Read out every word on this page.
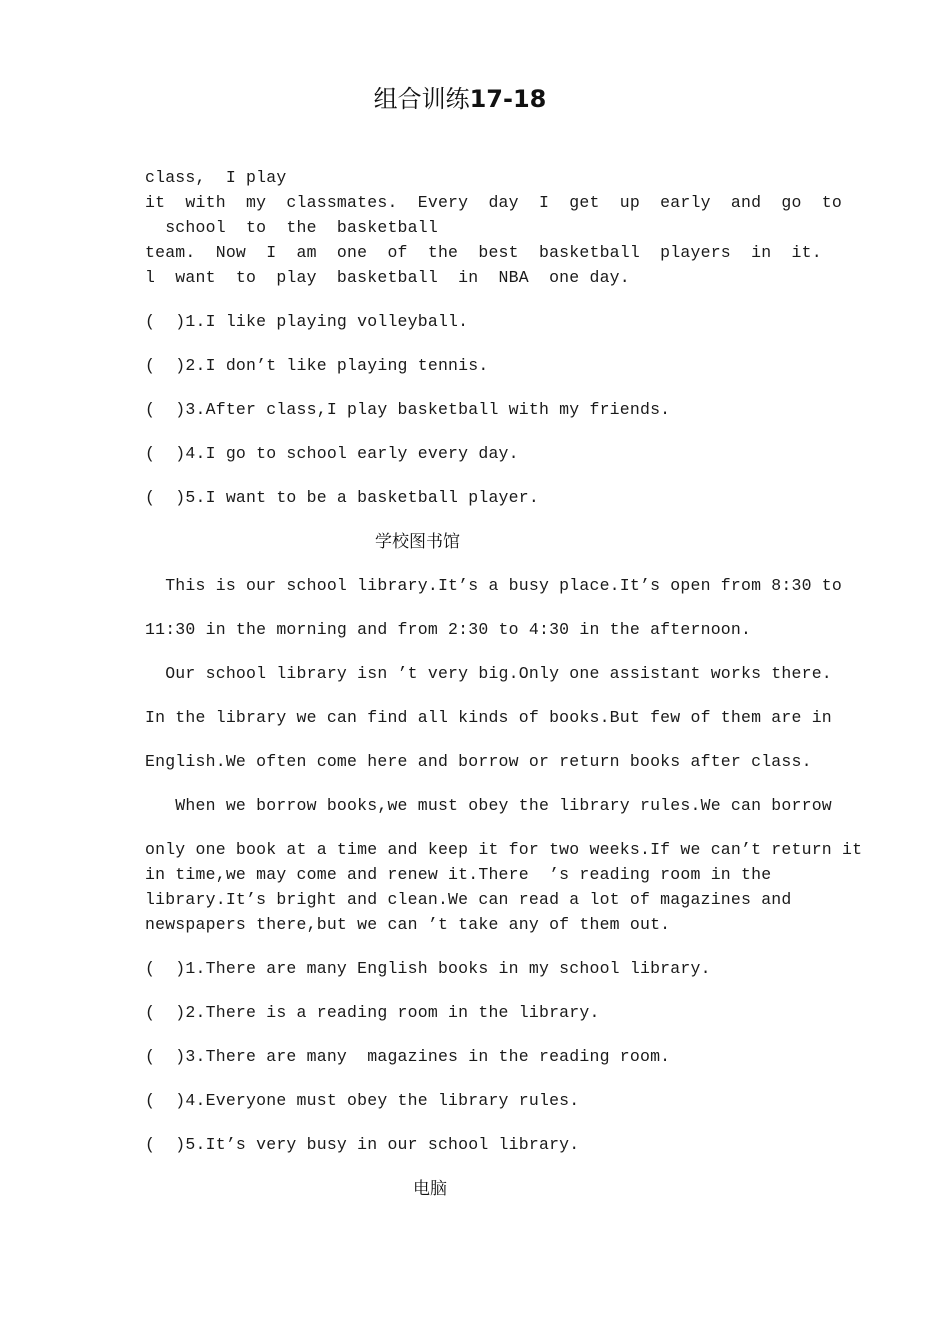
组合训练17-18
class,  I play
it  with  my  classmates.  Every  day  I  get  up  early  and  go  to
school  to  the  basketball
team.  Now  I  am  one  of  the  best  basketball  players  in  it.
l  want  to  play  basketball  in  NBA  one day.
(  )1.I like playing volleyball.
(  )2.I don’t like playing tennis.
(  )3.After class,I play basketball with my friends.
(  )4.I go to school early every day.
(  )5.I want to be a basketball player.
学校图书馆
This is our school library.It’s a busy place.It’s open from 8:30 to
11:30 in the morning and from 2:30 to 4:30 in the afternoon.
Our school library isn ’t very big.Only one assistant works there.
In the library we can find all kinds of books.But few of them are in
English.We often come here and borrow or return books after class.
When we borrow books,we must obey the library rules.We can borrow
only one book at a time and keep it for two weeks.If we can’t return it
in time,we may come and renew it.There  ’s reading room in the
library.It’s bright and clean.We can read a lot of magazines and
newspapers there,but we can ’t take any of them out.
(  )1.There are many English books in my school library.
(  )2.There is a reading room in the library.
(  )3.There are many  magazines in the reading room.
(  )4.Everyone must obey the library rules.
(  )5.It’s very busy in our school library.
电脑
